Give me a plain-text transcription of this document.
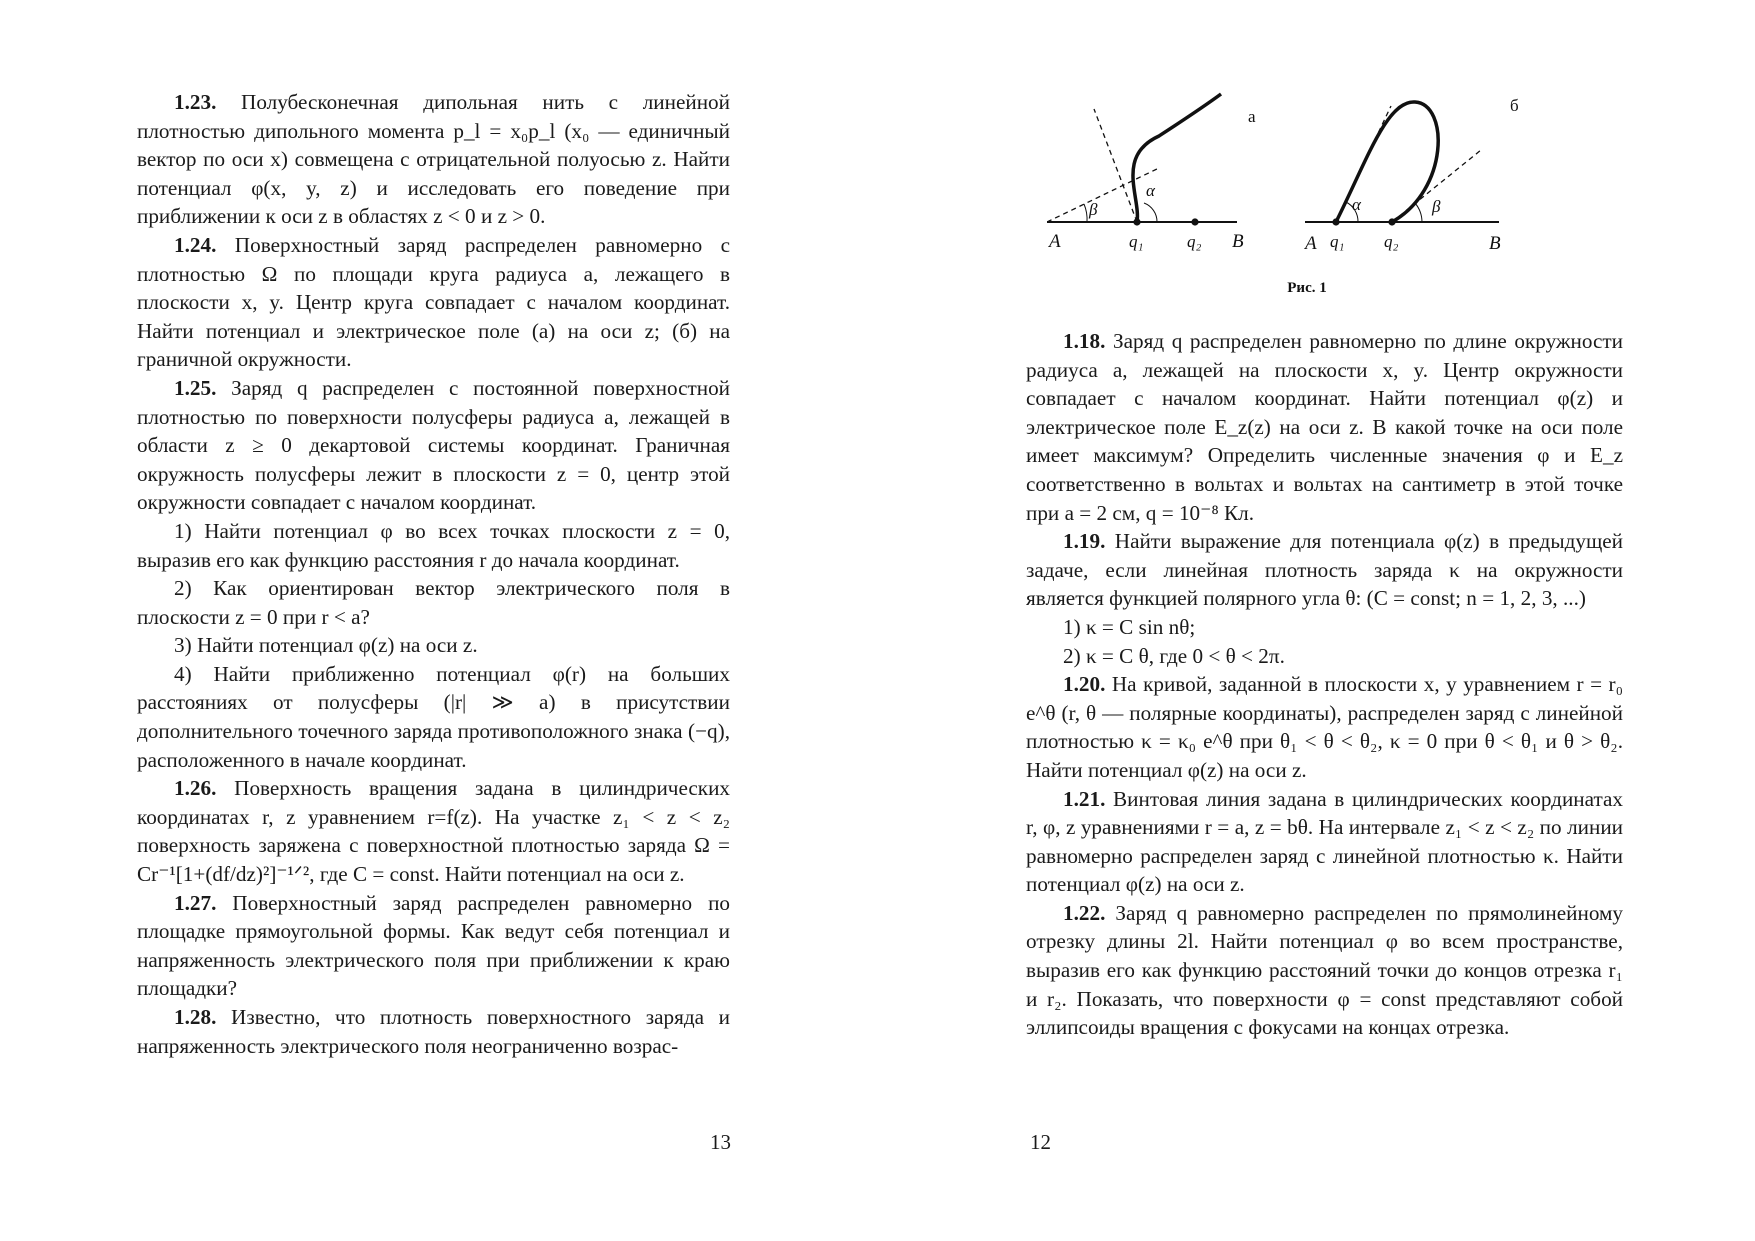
1.23. Полубесконечная дипольная нить с линейной плотностью дипольного момента p_l = x₀p_l (x₀ — единичный вектор по оси x) совмещена с отрицательной полуосью z. Найти потенциал φ(x, y, z) и исследовать его поведение при приближении к оси z в областях z < 0 и z > 0.

1.24. Поверхностный заряд распределен равномерно с плотностью Ω по площади круга радиуса a, лежащего в плоскости x, y. Центр круга совпадает с началом координат. Найти потенциал и электрическое поле (а) на оси z; (б) на граничной окружности.

1.25. Заряд q распределен с постоянной поверхностной плотностью по поверхности полусферы радиуса a, лежащей в области z ≥ 0 декартовой системы координат. Граничная окружность полусферы лежит в плоскости z = 0, центр этой окружности совпадает с началом координат.

1) Найти потенциал φ во всех точках плоскости z = 0, выразив его как функцию расстояния r до начала координат.

2) Как ориентирован вектор электрического поля в плоскости z = 0 при r < a?

3) Найти потенциал φ(z) на оси z.

4) Найти приближенно потенциал φ(r) на больших расстояниях от полусферы (|r| ≫ a) в присутствии дополнительного точечного заряда противоположного знака (−q), расположенного в начале координат.

1.26. Поверхность вращения задана в цилиндрических координатах r, z уравнением r=f(z). На участке z₁ < z < z₂ поверхность заряжена с поверхностной плотностью заряда Ω = Cr⁻¹[1+(df/dz)²]⁻¹ᐟ², где C = const. Найти потенциал на оси z.

1.27. Поверхностный заряд распределен равномерно по площадке прямоугольной формы. Как ведут себя потенциал и напряженность электрического поля при приближении к краю площадки?

1.28. Известно, что плотность поверхностного заряда и напряженность электрического поля неограниченно возрас-

13
A	B
q₁	q₂
β
α
а
A	B
q₁ q₂
α	β
б
Рис. 1

1.18. Заряд q распределен равномерно по длине окружности радиуса a, лежащей на плоскости x, y. Центр окружности совпадает с началом координат. Найти потенциал φ(z) и электрическое поле E_z(z) на оси z. В какой точке на оси поле имеет максимум? Определить численные значения φ и E_z соответственно в вольтах и вольтах на сантиметр в этой точке при a = 2 см, q = 10⁻⁸ Кл.

1.19. Найти выражение для потенциала φ(z) в предыдущей задаче, если линейная плотность заряда κ на окружности является функцией полярного угла θ: (C = const; n = 1, 2, 3, ...)

1) κ = C sin nθ;

2) κ = C θ, где 0 < θ < 2π.

1.20. На кривой, заданной в плоскости x, y уравнением r = r₀ e^θ (r, θ — полярные координаты), распределен заряд с линейной плотностью κ = κ₀ e^θ при θ₁ < θ < θ₂, κ = 0 при θ < θ₁ и θ > θ₂. Найти потенциал φ(z) на оси z.

1.21. Винтовая линия задана в цилиндрических координатах r, φ, z уравнениями r = a, z = bθ. На интервале z₁ < z < z₂ по линии равномерно распределен заряд с линейной плотностью κ. Найти потенциал φ(z) на оси z.

1.22. Заряд q равномерно распределен по прямолинейному отрезку длины 2l. Найти потенциал φ во всем пространстве, выразив его как функцию расстояний точки до концов отрезка r₁ и r₂. Показать, что поверхности φ = const представляют собой эллипсоиды вращения с фокусами на концах отрезка.

12
